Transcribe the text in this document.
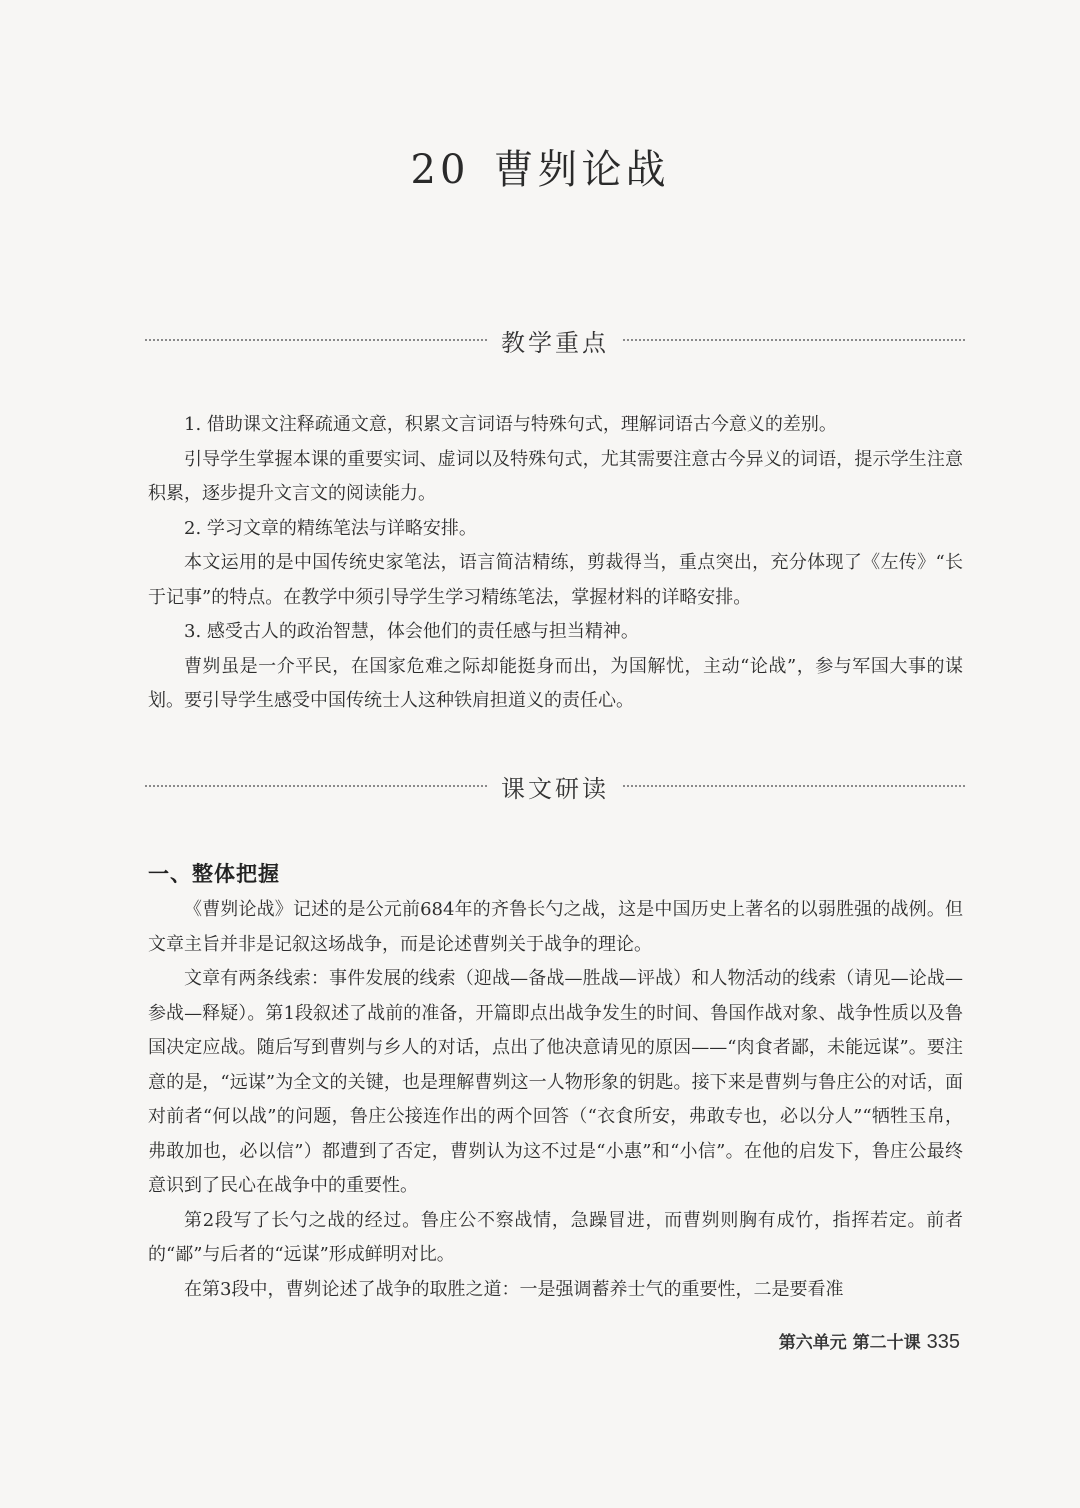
20 曹刿论战
教学重点

1. 借助课文注释疏通文意，积累文言词语与特殊句式，理解词语古今意义的差别。

引导学生掌握本课的重要实词、虚词以及特殊句式，尤其需要注意古今异义的词语，提示学生注意积累，逐步提升文言文的阅读能力。

2. 学习文章的精练笔法与详略安排。

本文运用的是中国传统史家笔法，语言简洁精练，剪裁得当，重点突出，充分体现了《左传》“长于记事”的特点。在教学中须引导学生学习精练笔法，掌握材料的详略安排。

3. 感受古人的政治智慧，体会他们的责任感与担当精神。

曹刿虽是一介平民，在国家危难之际却能挺身而出，为国解忧，主动“论战”，参与军国大事的谋划。要引导学生感受中国传统士人这种铁肩担道义的责任心。

课文研读
一、整体把握

《曹刿论战》记述的是公元前684年的齐鲁长勺之战，这是中国历史上著名的以弱胜强的战例。但文章主旨并非是记叙这场战争，而是论述曹刿关于战争的理论。

文章有两条线索：事件发展的线索（迎战—备战—胜战—评战）和人物活动的线索（请见—论战—参战—释疑）。第1段叙述了战前的准备，开篇即点出战争发生的时间、鲁国作战对象、战争性质以及鲁国决定应战。随后写到曹刿与乡人的对话，点出了他决意请见的原因——“肉食者鄙，未能远谋”。要注意的是，“远谋”为全文的关键，也是理解曹刿这一人物形象的钥匙。接下来是曹刿与鲁庄公的对话，面对前者“何以战”的问题，鲁庄公接连作出的两个回答（“衣食所安，弗敢专也，必以分人”“牺牲玉帛，弗敢加也，必以信”）都遭到了否定，曹刿认为这不过是“小惠”和“小信”。在他的启发下，鲁庄公最终意识到了民心在战争中的重要性。

第2段写了长勺之战的经过。鲁庄公不察战情，急躁冒进，而曹刿则胸有成竹，指挥若定。前者的“鄙”与后者的“远谋”形成鲜明对比。

在第3段中，曹刿论述了战争的取胜之道：一是强调蓄养士气的重要性，二是要看准

第六单元 第二十课 335
